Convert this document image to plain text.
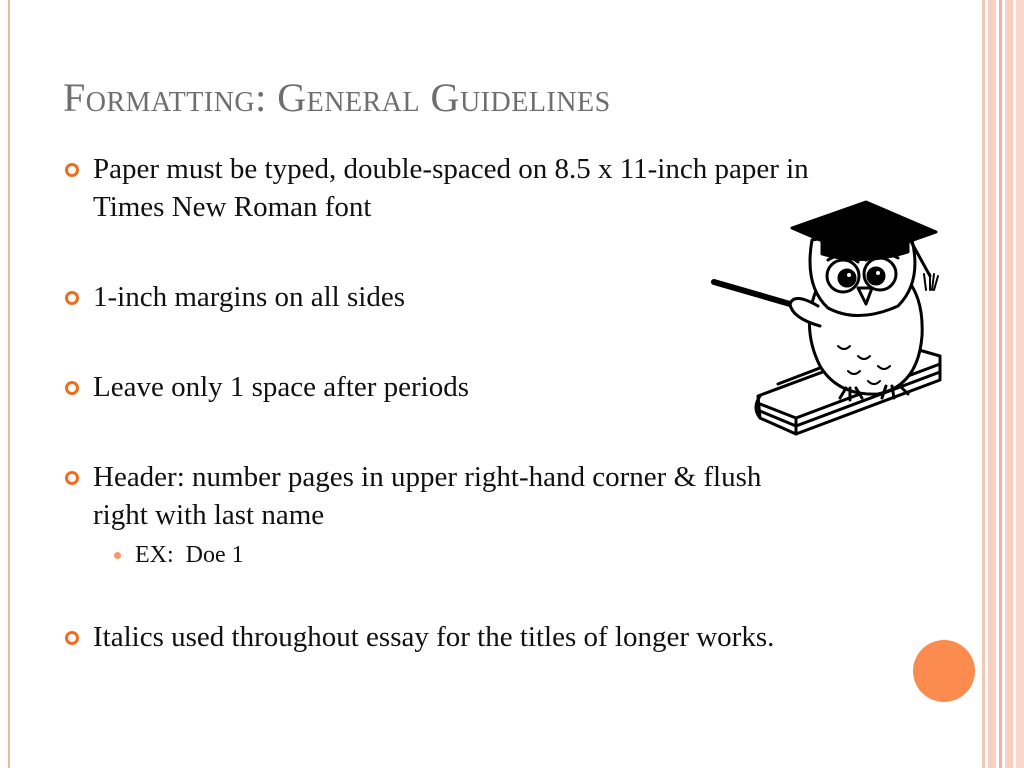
Formatting: General Guidelines
Paper must be typed, double-spaced on 8.5 x 11-inch paper in Times New Roman font
1-inch margins on all sides
Leave only 1 space after periods
Header: number pages in upper right-hand corner & flush right with last name
EX:  Doe 1
Italics used throughout essay for the titles of longer works.
